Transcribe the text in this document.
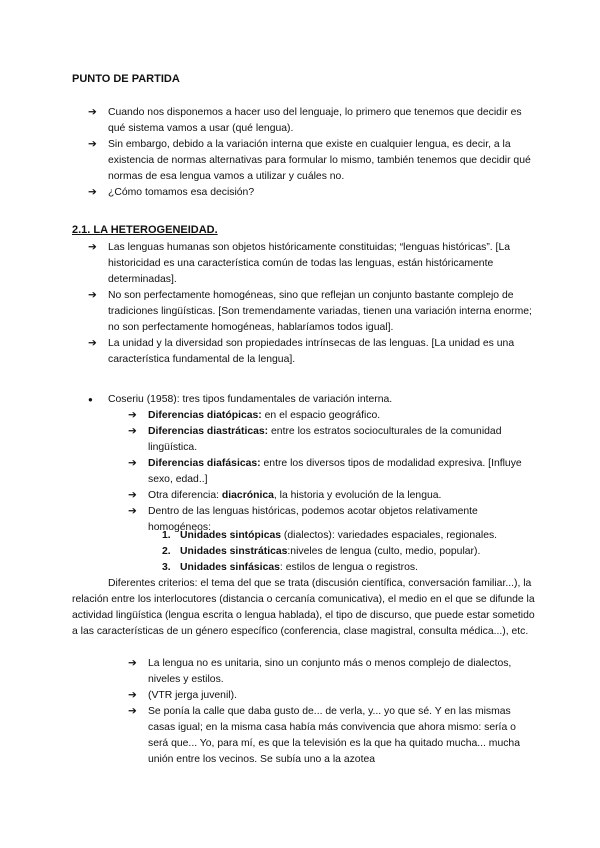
PUNTO DE PARTIDA
➔	Cuando nos disponemos a hacer uso del lenguaje, lo primero que tenemos que decidir es qué sistema vamos a usar (qué lengua).
➔	Sin embargo, debido a la variación interna que existe en cualquier lengua, es decir, a la existencia de normas alternativas para formular lo mismo, también tenemos que decidir qué normas de esa lengua vamos a utilizar y cuáles no.
➔	¿Cómo tomamos esa decisión?
2.1. LA HETEROGENEIDAD.
➔	Las lenguas humanas son objetos históricamente constituidas; “lenguas históricas”. [La historicidad es una característica común de todas las lenguas, están históricamente determinadas].
➔	No son perfectamente homogéneas, sino que reflejan un conjunto bastante complejo de tradiciones lingüísticas. [Son tremendamente variadas, tienen una variación interna enorme; no son perfectamente homogéneas, hablaríamos todos igual].
➔	La unidad y la diversidad son propiedades intrínsecas de las lenguas. [La unidad es una característica fundamental de la lengua].
●	Coseriu (1958): tres tipos fundamentales de variación interna.
➔	Diferencias diatópicas: en el espacio geográfico.
➔	Diferencias diastráticas: entre los estratos socioculturales de la comunidad lingüística.
➔	Diferencias diafásicas: entre los diversos tipos de modalidad expresiva. [Influye sexo, edad..]
➔	Otra diferencia: diacrónica, la historia y evolución de la lengua.
➔	Dentro de las lenguas históricas, podemos acotar objetos relativamente homogéneos:
1. Unidades sintópicas (dialectos): variedades espaciales, regionales.
2. Unidades sinstráticas:niveles de lengua (culto, medio, popular).
3. Unidades sinfásicas: estilos de lengua o registros.

Diferentes criterios: el tema del que se trata (discusión científica, conversación familiar...), la relación entre los interlocutores (distancia o cercanía comunicativa), el medio en el que se difunde la actividad lingüística (lengua escrita o lengua hablada), el tipo de discurso, que puede estar sometido a las características de un género específico (conferencia, clase magistral, consulta médica...), etc.

➔	La lengua no es unitaria, sino un conjunto más o menos complejo de dialectos, niveles y estilos.
➔	(VTR jerga juvenil).
➔	Se ponía la calle que daba gusto de... de verla, y... yo que sé. Y en las mismas casas igual; en la misma casa había más convivencia que ahora mismo: sería o será que... Yo, para mí, es que la televisión es la que ha quitado mucha... mucha unión entre los vecinos. Se subía uno a la azotea
